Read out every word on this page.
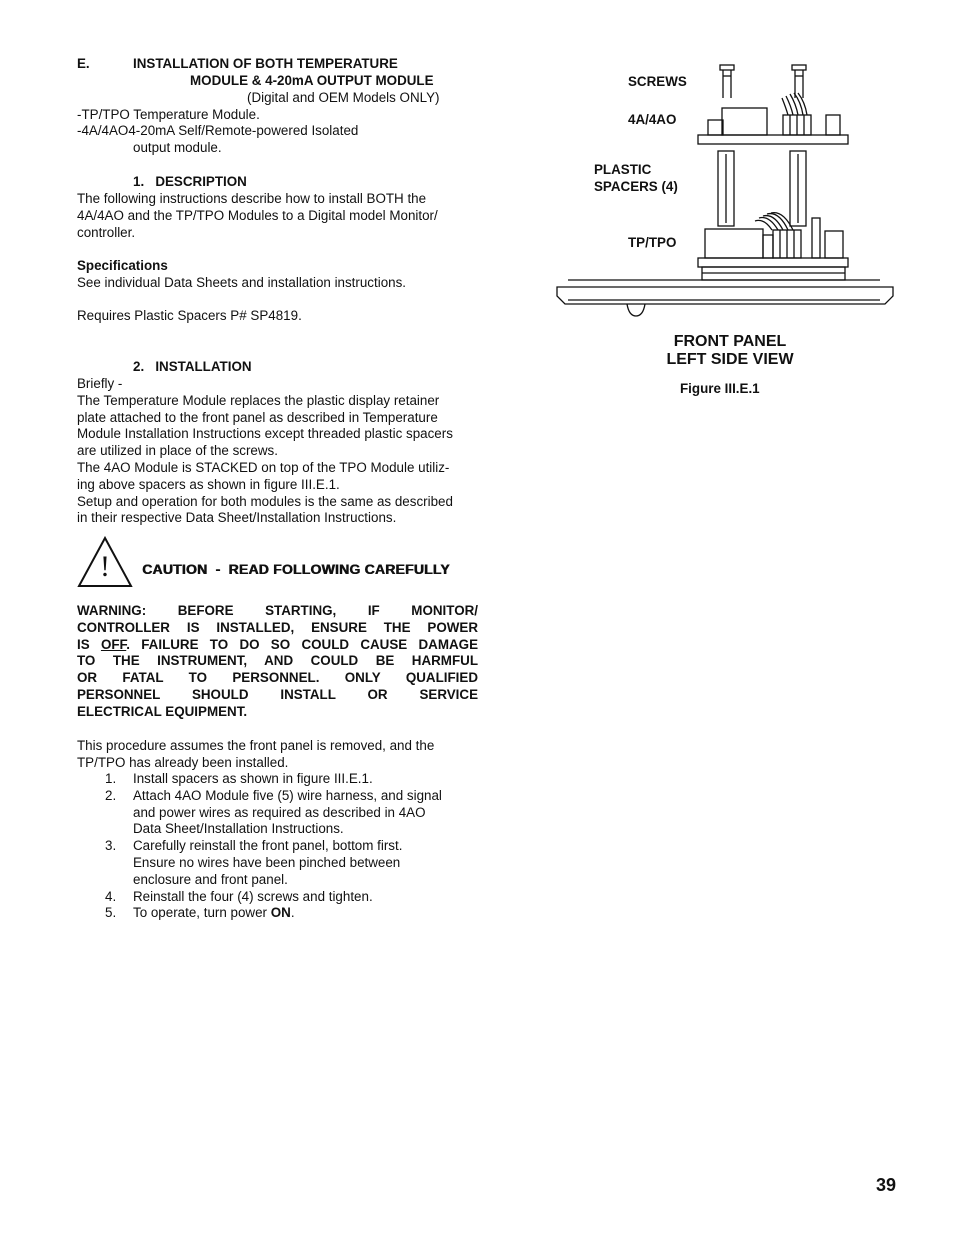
E.	INSTALLATION OF BOTH TEMPERATURE
MODULE & 4-20mA OUTPUT MODULE
(Digital and OEM Models ONLY)
-TP/TPO Temperature Module.
-4A/4AO4-20mA Self/Remote-powered Isolated
output module.
1.   DESCRIPTION

The following instructions describe how to install BOTH the

4A/4AO and the TP/TPO Modules to a Digital model Monitor/

controller.

Specifications
See individual Data Sheets and installation instructions.
Requires Plastic Spacers P# SP4819.
2.   INSTALLATION

Briefly -

The Temperature Module replaces the plastic display retainer

plate attached to the front panel as described in Temperature

Module Installation Instructions except threaded plastic spacers

are utilized in place of the screws.

The 4AO Module is STACKED on top of the TPO Module utiliz-

ing above spacers as shown in figure III.E.1.

Setup and operation for both modules is the same as described

in their respective Data Sheet/Installation Instructions.

!	CAUTION  -  READ FOLLOWING CAREFULLY

WARNING: BEFORE STARTING, IF MONITOR/

CONTROLLER IS INSTALLED, ENSURE THE POWER

IS OFF. FAILURE TO DO SO COULD CAUSE DAMAGE

TO THE INSTRUMENT, AND COULD BE HARMFUL

OR FATAL TO PERSONNEL. ONLY QUALIFIED

PERSONNEL SHOULD INSTALL OR SERVICE

ELECTRICAL EQUIPMENT.

This procedure assumes the front panel is removed, and the

TP/TPO has already been installed.

1. Install spacers as shown in figure III.E.1.

2. Attach 4AO Module five (5) wire harness, and signal

and power wires as required as described in 4AO

Data Sheet/Installation Instructions.

3. Carefully reinstall the front panel, bottom first.

Ensure no wires have been pinched between

enclosure and front panel.

4. Reinstall the four (4) screws and tighten.

5. To operate, turn power ON.

SCREWS
4A/4AO
PLASTIC
SPACERS (4)
TP/TPO
FRONT PANEL
LEFT SIDE VIEW
Figure III.E.1
39
